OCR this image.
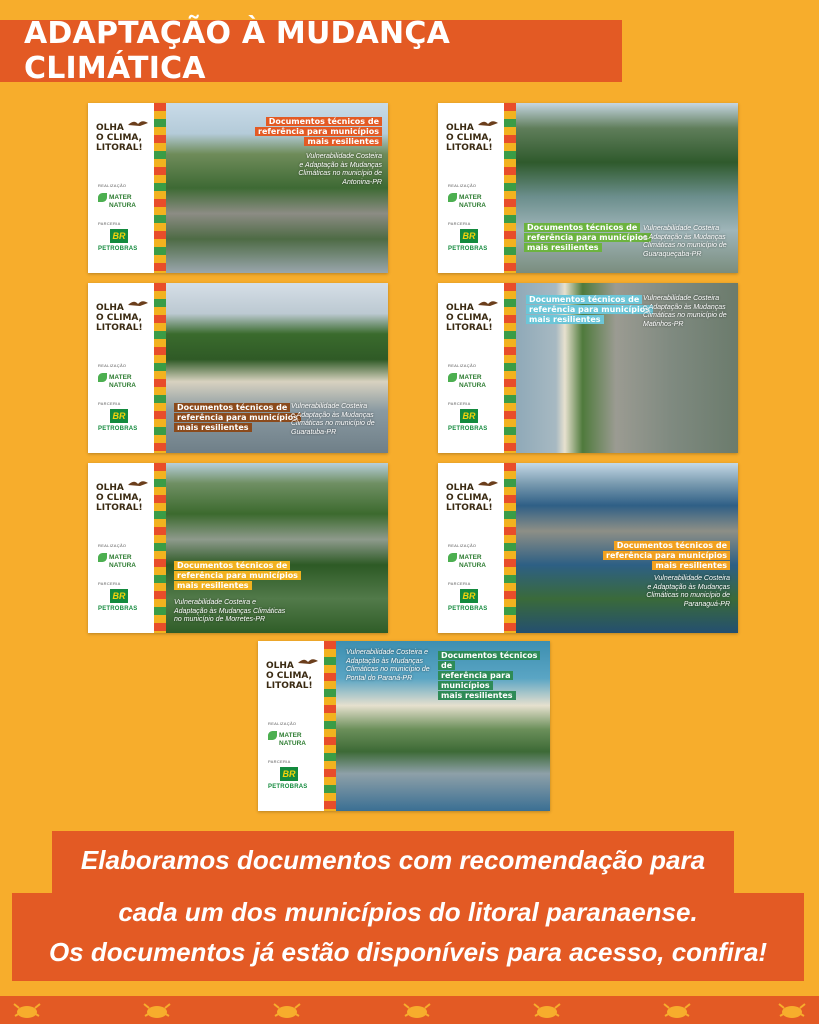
ADAPTAÇÃO À MUDANÇA CLIMÁTICA
OLHA
O CLIMA,
LITORAL!
REALIZAÇÃO
MATER
NATURA
PARCERIA
BR
PETROBRAS
Documentos técnicos de
referência para municípios
mais resilientes
Vulnerabilidade Costeira
e Adaptação às Mudanças
Climáticas no município de
Antonina-PR
OLHA
O CLIMA,
LITORAL!
REALIZAÇÃO
MATER
NATURA
PARCERIA
BR
PETROBRAS
Documentos técnicos de
referência para municípios
mais resilientes
Vulnerabilidade Costeira
e Adaptação às Mudanças
Climáticas no município de
Guaraqueçaba-PR
OLHA
O CLIMA,
LITORAL!
REALIZAÇÃO
MATER
NATURA
PARCERIA
BR
PETROBRAS
Documentos técnicos de
referência para municípios
mais resilientes
Vulnerabilidade Costeira
e Adaptação às Mudanças
Climáticas no município de
Guaratuba-PR
OLHA
O CLIMA,
LITORAL!
REALIZAÇÃO
MATER
NATURA
PARCERIA
BR
PETROBRAS
Documentos técnicos de
referência para municípios
mais resilientes
Vulnerabilidade Costeira
e Adaptação às Mudanças
Climáticas no município de
Matinhos-PR
OLHA
O CLIMA,
LITORAL!
REALIZAÇÃO
MATER
NATURA
PARCERIA
BR
PETROBRAS
Documentos técnicos de
referência para municípios
mais resilientes
Vulnerabilidade Costeira e
Adaptação às Mudanças Climáticas
no município de Morretes-PR
OLHA
O CLIMA,
LITORAL!
REALIZAÇÃO
MATER
NATURA
PARCERIA
BR
PETROBRAS
Documentos técnicos de
referência para municípios
mais resilientes
Vulnerabilidade Costeira
e Adaptação às Mudanças
Climáticas no município de
Paranaguá-PR
OLHA
O CLIMA,
LITORAL!
REALIZAÇÃO
MATER
NATURA
PARCERIA
BR
PETROBRAS
Vulnerabilidade Costeira e
Adaptação às Mudanças
Climáticas no município de
Pontal do Paraná-PR
Documentos técnicos de
referência para municípios
mais resilientes
Elaboramos documentos com recomendação para
cada um dos municípios do litoral paranaense.
Os documentos já estão disponíveis para acesso, confira!
